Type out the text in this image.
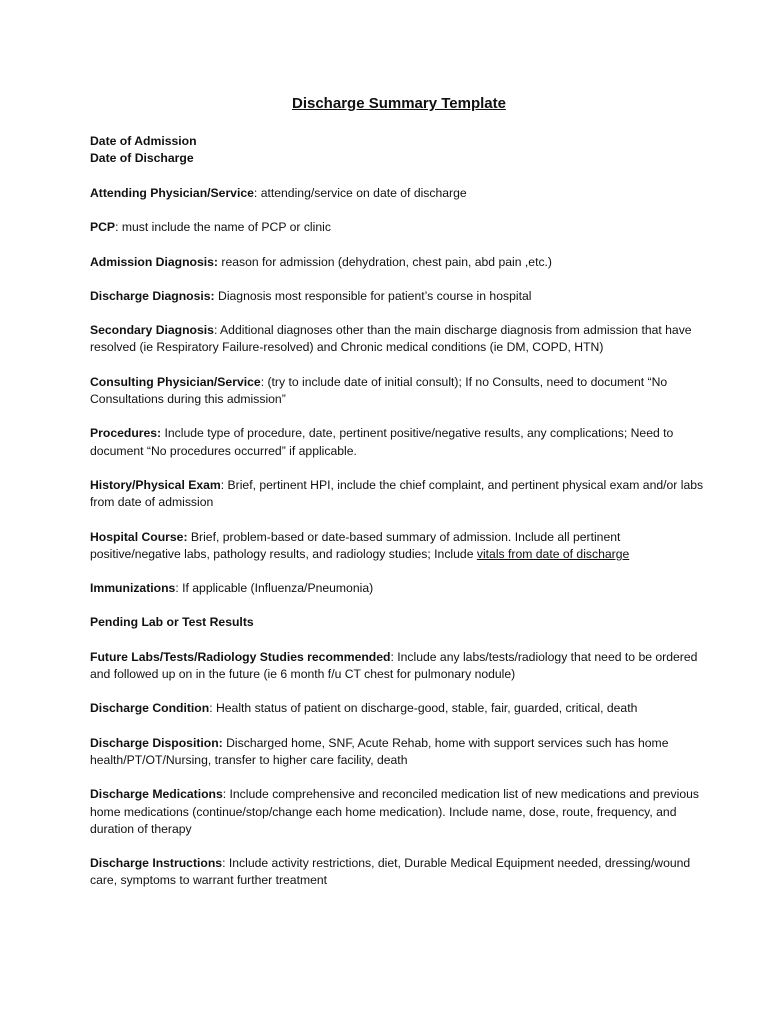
Discharge Summary Template
Date of Admission
Date of Discharge

Attending Physician/Service: attending/service on date of discharge

PCP: must include the name of PCP or clinic

Admission Diagnosis: reason for admission (dehydration, chest pain, abd pain ,etc.)

Discharge Diagnosis: Diagnosis most responsible for patient’s course in hospital

Secondary Diagnosis: Additional diagnoses other than the main discharge diagnosis from admission that have resolved (ie Respiratory Failure-resolved) and Chronic medical conditions (ie DM, COPD, HTN)

Consulting Physician/Service: (try to include date of initial consult); If no Consults, need to document “No Consultations during this admission”

Procedures: Include type of procedure, date, pertinent positive/negative results, any complications; Need to document “No procedures occurred” if applicable.

History/Physical Exam: Brief, pertinent HPI, include the chief complaint, and pertinent physical exam and/or labs from date of admission

Hospital Course: Brief, problem-based or date-based summary of admission. Include all pertinent positive/negative labs, pathology results, and radiology studies; Include vitals from date of discharge

Immunizations: If applicable (Influenza/Pneumonia)

Pending Lab or Test Results

Future Labs/Tests/Radiology Studies recommended: Include any labs/tests/radiology that need to be ordered and followed up on in the future (ie 6 month f/u CT chest for pulmonary nodule)

Discharge Condition: Health status of patient on discharge-good, stable, fair, guarded, critical, death

Discharge Disposition: Discharged home, SNF, Acute Rehab, home with support services such has home health/PT/OT/Nursing, transfer to higher care facility, death

Discharge Medications: Include comprehensive and reconciled medication list of new medications and previous home medications (continue/stop/change each home medication). Include name, dose, route, frequency, and duration of therapy

Discharge Instructions: Include activity restrictions, diet, Durable Medical Equipment needed, dressing/wound care, symptoms to warrant further treatment
